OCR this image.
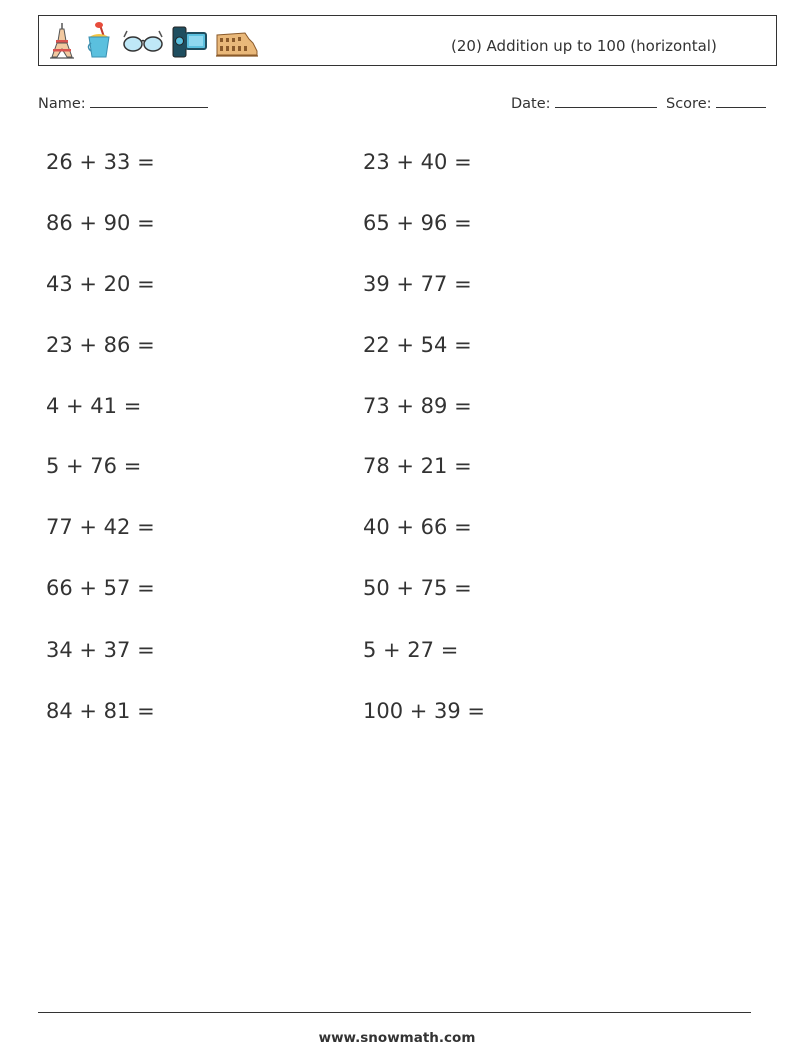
(20) Addition up to 100 (horizontal)
Name:	Date:	Score:
26 + 33 =
86 + 90 =
43 + 20 =
23 + 86 =
4 + 41 =
5 + 76 =
77 + 42 =
66 + 57 =
34 + 37 =
84 + 81 =
23 + 40 =
65 + 96 =
39 + 77 =
22 + 54 =
73 + 89 =
78 + 21 =
40 + 66 =
50 + 75 =
5 + 27 =
100 + 39 =
www.snowmath.com
